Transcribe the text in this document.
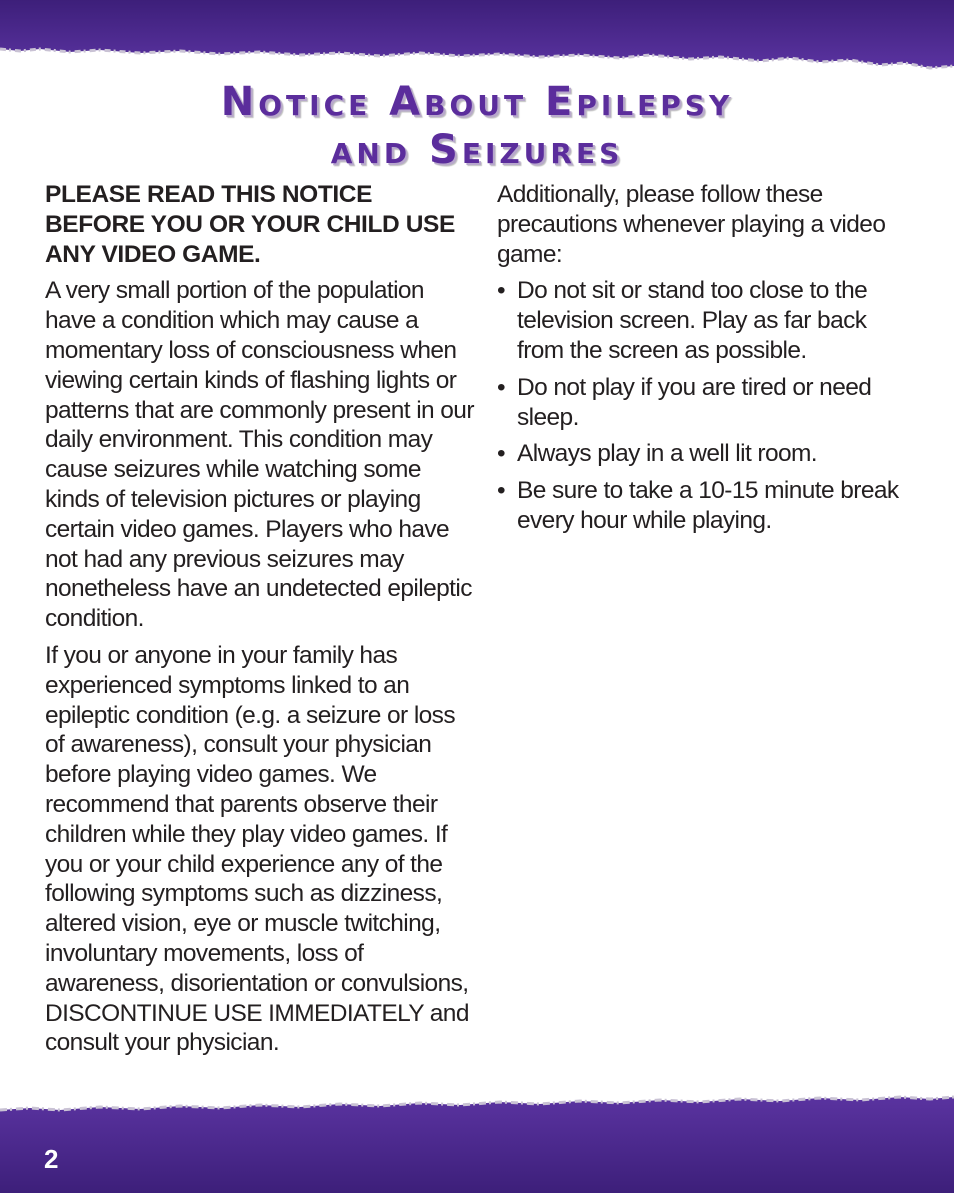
Notice About Epilepsy
and Seizures

PLEASE READ THIS NOTICE BEFORE YOU OR YOUR CHILD USE ANY VIDEO GAME.

A very small portion of the population have a condition which may cause a momentary loss of consciousness when viewing certain kinds of flashing lights or patterns that are commonly present in our daily environment. This condition may cause seizures while watching some kinds of television pictures or playing certain video games. Players who have not had any previous seizures may nonetheless have an undetected epileptic condition.

If you or anyone in your family has experienced symptoms linked to an epileptic condition (e.g. a seizure or loss of awareness), consult your physician before playing video games. We recommend that parents observe their children while they play video games. If you or your child experience any of the following symptoms such as dizziness, altered vision, eye or muscle twitching, involuntary movements, loss of awareness, disorientation or convulsions, DISCONTINUE USE IMMEDIATELY and consult your physician.

Additionally, please follow these precautions whenever playing a video game:

• Do not sit or stand too close to the television screen. Play as far back from the screen as possible.
• Do not play if you are tired or need sleep.
• Always play in a well lit room.
• Be sure to take a 10-15 minute break every hour while playing.
2
